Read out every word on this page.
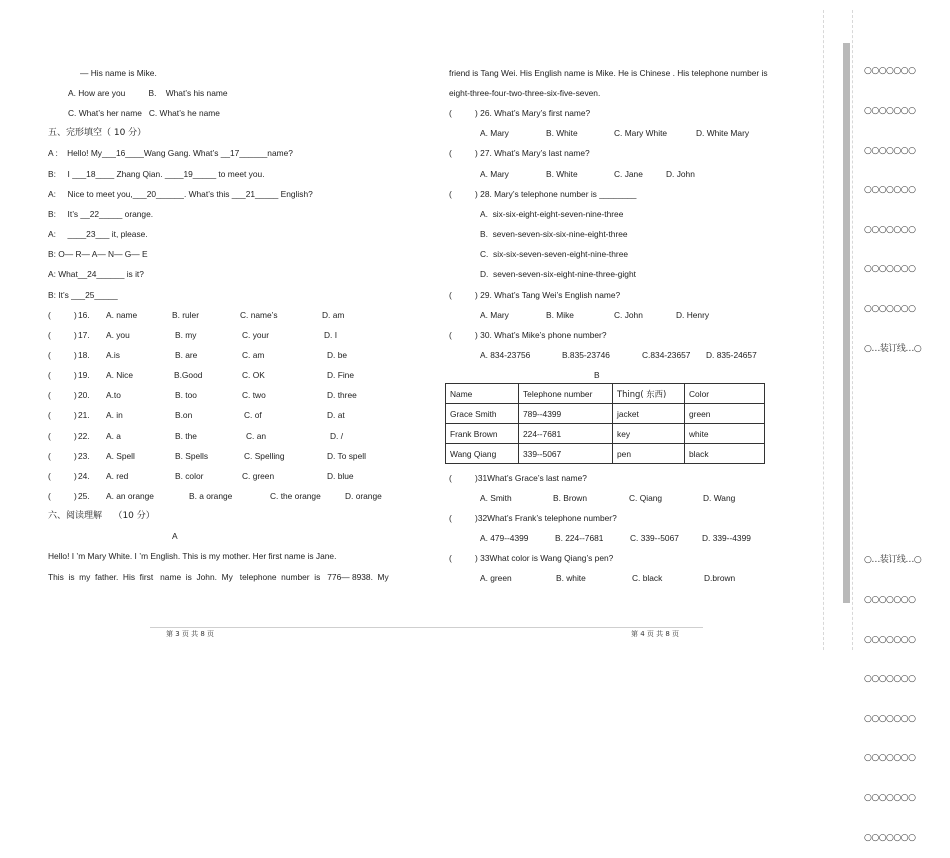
— His name is Mike.
A. How are you          B.    What’s his name
C. What’s her name   C. What’s he name
五、完形填空（ 10 分）
A :    Hello! My___16____Wang Gang. What’s __17______name?
B:     I ___18____ Zhang Qian. ____19_____ to meet you.
A:     Nice to meet you,___20______. What’s this ___21_____ English?
B:     It’s __22_____ orange.
A:     ____23___ it, please.
B: O— R— A— N— G— E
A: What__24______ is it?
B: It’s ___25_____
(          ) 16. A. name	B. ruler	C. name’s	D. am
(          ) 17. A. you	B. my	C. your	D. I
(          ) 18. A.is	B. are	C. am	D. be
(          ) 19. A. Nice	B.Good	C. OK	D. Fine
(          ) 20. A.to	B. too	C. two	D. three
(          ) 21. A. in	B.on	C. of	D. at
(          ) 22. A. a	B. the	C. an	D. /
(          ) 23. A. Spell	B. Spells	C. Spelling	D. To spell
(          ) 24. A. red	B. color	C. green	D. blue
(          ) 25. A. an orange	B. a orange	C. the orange	D. orange
六、阅读理解    （10 分）
A
Hello! I ’m Mary White. I ’m English. This is my mother. Her first name is Jane.
This  is  my  father.  His  first   name  is  John.  My   telephone  number  is   776— 8938.  My
第 3 页 共 8 页
friend is Tang Wei. His English name is Mike. He is Chinese . His telephone number is
eight-three-four-two-three-six-five-seven.
(          ) 26. What’s Mary’s first name?
A. Mary	B. White	C. Mary White	D. White Mary
(          ) 27. What’s Mary’s last name?
A. Mary	B. White	C. Jane	D. John
(          ) 28. Mary’s telephone number is ________
A.  six-six-eight-eight-seven-nine-three
B.  seven-seven-six-six-nine-eight-three
C.  six-six-seven-seven-eight-nine-three
D.  seven-seven-six-eight-nine-three-gight
(          ) 29. What’s Tang Wei’s English name?
A. Mary	B. Mike	C. John	D. Henry
(          ) 30. What’s Mike’s phone number?
A. 834-23756	B.835-23746	C.834-23657 D. 835-24657
B
Name	Telephone number	Thing( 东西)	Color
Grace Smith	789--4399	jacket	green
Frank Brown	224--7681	key	white
Wang Qiang	339--5067	pen	black
(          )31What’s Grace’s last name?
A. Smith	B. Brown	C. Qiang	D. Wang
(          )32What’s Frank’s telephone number?
A. 479--4399	B. 224--7681	C. 339--5067	D. 339--4399
(          ) 33What color is Wang Qiang’s pen?
A. green	B. white	C. black	D.brown
第 4 页 共 8 页

○○○○○○○

○○○○○○○

○○○○○○○

○○○○○○○

○○○○○○○

○○○○○○○

○○○○○○○

○…装订线…○

○…装订线…○

○○○○○○○

○○○○○○○

○○○○○○○

○○○○○○○

○○○○○○○

○○○○○○○

○○○○○○○
